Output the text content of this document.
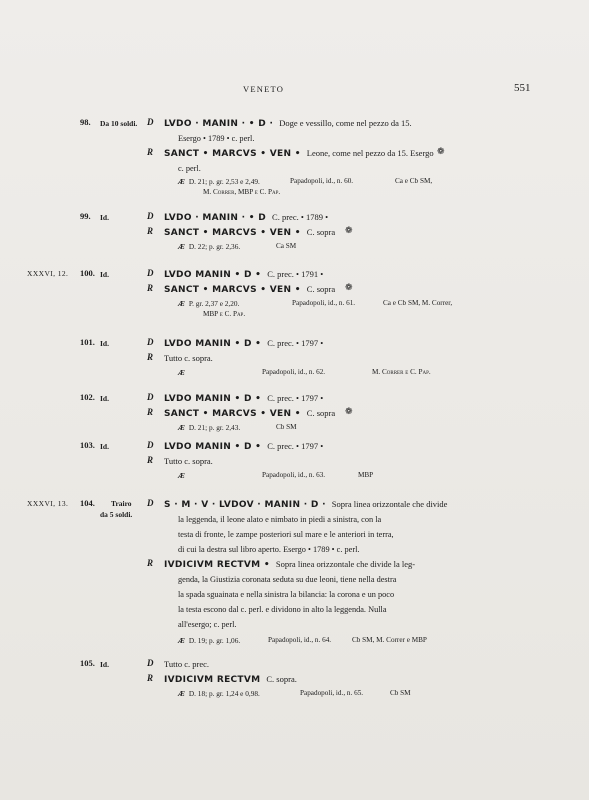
VENETO	551
98. Da 10 soldi. D LVDO · MANIN · • D · Doge e vessillo, come nel pezzo da 15.
Esergo • 1789 • c. perl.
R SANCT • MARCVS • VEN • Leone, come nel pezzo da 15. Esergo ❁
c. perl.
Æ D. 21; p. gr. 2,53 e 2,49.	Papadopoli, id., n. 60.	Ca e Cb SM,
M. Correr, MBP e C. Pap.
99. Id.	D LVDO · MANIN · • D C. prec. • 1789 •
R SANCT • MARCVS • VEN • C. sopra	❁
Æ D. 22; p. gr. 2,36.	Ca SM
XXXVI, 12. 100. Id.	D LVDO MANIN • D • C. prec. • 1791 •
R SANCT • MARCVS • VEN • C. sopra	❁
Æ P. gr. 2,37 e 2,20.	Papadopoli, id., n. 61.	Ca e Cb SM, M. Correr,
MBP e C. Pap.
101. Id.	D LVDO MANIN • D • C. prec. • 1797 •
R Tutto c. sopra.
Æ	Papadopoli, id., n. 62.	M. Correr e C. Pap.
102. Id.	D LVDO MANIN • D • C. prec. • 1797 •
R SANCT • MARCVS • VEN • C. sopra	❁
Æ D. 21; p. gr. 2,43.	Cb SM
103. Id.	D LVDO MANIN • D • C. prec. • 1797 •
R Tutto c. sopra.
Æ	Papadopoli, id., n. 63.	MBP
XXXVI, 13. 104. Trairo
da 5 soldi.
D S · M · V · LVDOV · MANIN · D · Sopra linea orizzontale che divide
la leggenda, il leone alato e nimbato in piedi a sinistra, con la
testa di fronte, le zampe posteriori sul mare e le anteriori in terra,
di cui la destra sul libro aperto. Esergo • 1789 • c. perl.
R IVDICIVM RECTVM • Sopra linea orizzontale che divide la leg-
genda, la Giustizia coronata seduta su due leoni, tiene nella destra
la spada sguainata e nella sinistra la bilancia: la corona e un poco
la testa escono dal c. perl. e dividono in alto la leggenda. Nulla
all'esergo; c. perl.
Æ D. 19; p. gr. 1,06.	Papadopoli, id., n. 64.	Cb SM, M. Correr e MBP
105. Id.	D Tutto c. prec.
R IVDICIVM RECTVM C. sopra.
Æ D. 18; p. gr. 1,24 e 0,98.	Papadopoli, id., n. 65.	Cb SM
